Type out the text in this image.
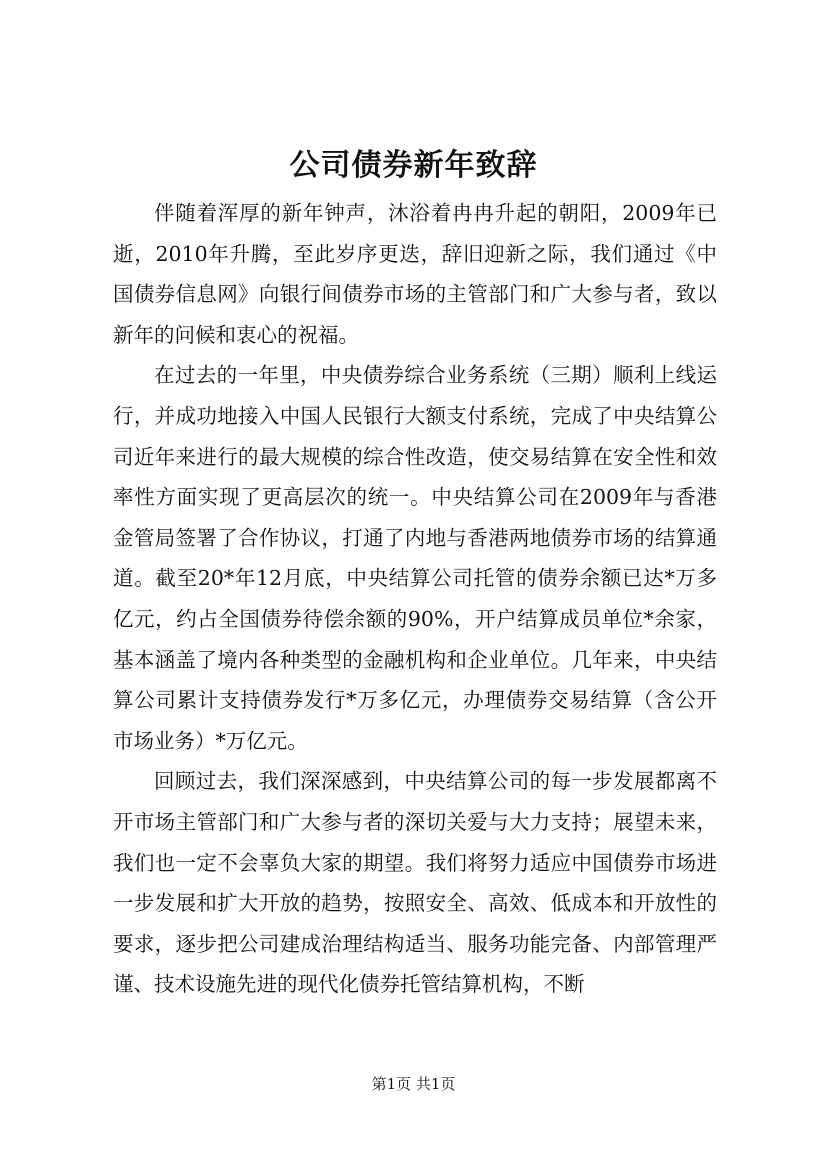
公司债券新年致辞

伴随着浑厚的新年钟声，沐浴着冉冉升起的朝阳，2009年已逝，2010年升腾，至此岁序更迭，辞旧迎新之际，我们通过《中国债券信息网》向银行间债券市场的主管部门和广大参与者，致以新年的问候和衷心的祝福。

在过去的一年里，中央债券综合业务系统（三期）顺利上线运行，并成功地接入中国人民银行大额支付系统，完成了中央结算公司近年来进行的最大规模的综合性改造，使交易结算在安全性和效率性方面实现了更高层次的统一。中央结算公司在2009年与香港金管局签署了合作协议，打通了内地与香港两地债券市场的结算通道。截至20*年12月底，中央结算公司托管的债券余额已达*万多亿元，约占全国债券待偿余额的90%，开户结算成员单位*余家，基本涵盖了境内各种类型的金融机构和企业单位。几年来，中央结算公司累计支持债券发行*万多亿元，办理债券交易结算（含公开市场业务）*万亿元。

回顾过去，我们深深感到，中央结算公司的每一步发展都离不开市场主管部门和广大参与者的深切关爱与大力支持；展望未来，我们也一定不会辜负大家的期望。我们将努力适应中国债券市场进一步发展和扩大开放的趋势，按照安全、高效、低成本和开放性的要求，逐步把公司建成治理结构适当、服务功能完备、内部管理严谨、技术设施先进的现代化债券托管结算机构，不断

第1页 共1页
